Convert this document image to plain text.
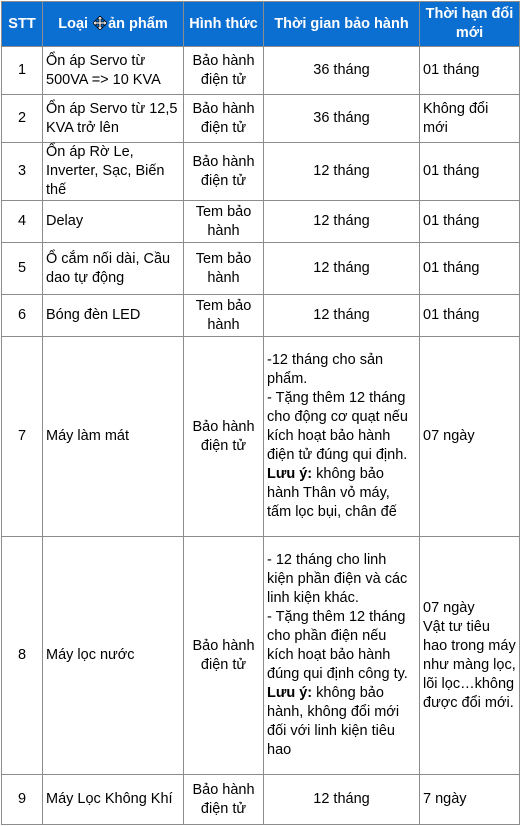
STT	Loại ản phẩm	Hình thức	Thời gian bảo hành	Thời hạn đổi mới
1	Ổn áp Servo từ 500VA => 10 KVA	Bảo hành điện tử	36 tháng	01 tháng
2	Ổn áp Servo từ 12,5 KVA trở lên	Bảo hành điện tử	36 tháng	Không đổi mới
3	Ổn áp Rờ Le, Inverter, Sạc, Biến thế	Bảo hành điện tử	12 tháng	01 tháng
4	Delay	Tem bảo hành	12 tháng	01 tháng
5	Ổ cắm nối dài, Cầu dao tự động	Tem bảo hành	12 tháng	01 tháng
6	Bóng đèn LED	Tem bảo hành	12 tháng	01 tháng
7	Máy làm mát	Bảo hành điện tử	-12 tháng cho sản phẩm.
- Tặng thêm 12 tháng cho động cơ quạt nếu kích hoạt bảo hành điện tử đúng qui định.
Lưu ý: không bảo hành Thân vỏ máy, tấm lọc bụi, chân đế	07 ngày
8	Máy lọc nước	Bảo hành điện tử	- 12 tháng cho linh kiện phần điện và các linh kiện khác.
- Tặng thêm 12 tháng cho phần điện nếu kích hoạt bảo hành đúng qui định công ty.
Lưu ý: không bảo hành, không đổi mới đối với linh kiện tiêu hao	07 ngày
Vật tư tiêu hao trong máy như màng lọc, lõi lọc…không được đổi mới.

9	Máy Lọc Không Khí	Bảo hành điện tử	12 tháng	7 ngày
